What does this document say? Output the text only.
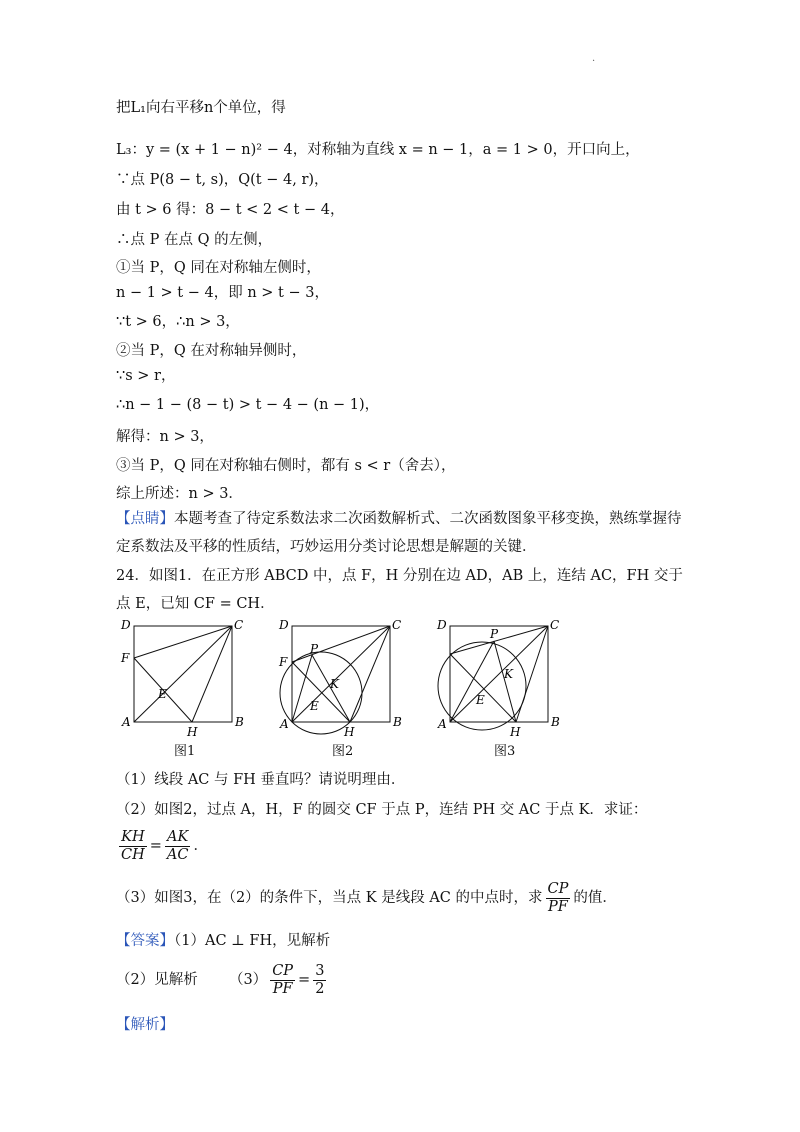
·
把L₁向右平移n个单位，得
L₃：y = (x + 1 − n)² − 4，对称轴为直线 x = n − 1，a = 1 > 0，开口向上，
∵点 P(8 − t, s)，Q(t − 4, r)，
由 t > 6 得：8 − t < 2 < t − 4，
∴点 P 在点 Q 的左侧，
①当 P，Q 同在对称轴左侧时，
n − 1 > t − 4，即 n > t − 3，
∵t > 6，∴n > 3，
②当 P，Q 在对称轴异侧时，
∵s > r，
∴n − 1 − (8 − t) > t − 4 − (n − 1)，
解得：n > 3，
③当 P，Q 同在对称轴右侧时，都有 s < r（舍去），
综上所述：n > 3．
【点睛】本题考查了待定系数法求二次函数解析式、二次函数图象平移变换，熟练掌握待定系数法及平移的性质结，巧妙运用分类讨论思想是解题的关键．
24．如图1．在正方形 ABCD 中，点 F，H 分别在边 AD，AB 上，连结 AC，FH 交于
点 E，已知 CF = CH．
D	C
F
E
A
H
B
图1
D	C
F
P
K
E
A
H
B
图2
D	C
P
K
E
A
H
B
图3
（1）线段 AC 与 FH 垂直吗？请说明理由．
（2）如图2，过点 A，H，F 的圆交 CF 于点 P，连结 PH 交 AC 于点 K．求证：
$\frac{KH}{CH} = \frac{AK}{AC}$ ．
（3）如图3，在（2）的条件下，当点 K 是线段 AC 的中点时，求 $\frac{CP}{PF}$ 的值．
【答案】（1）AC ⊥ FH，见解析
（2）见解析 $(3) \frac{CP}{PF} = \frac{3}{2}$
【解析】
